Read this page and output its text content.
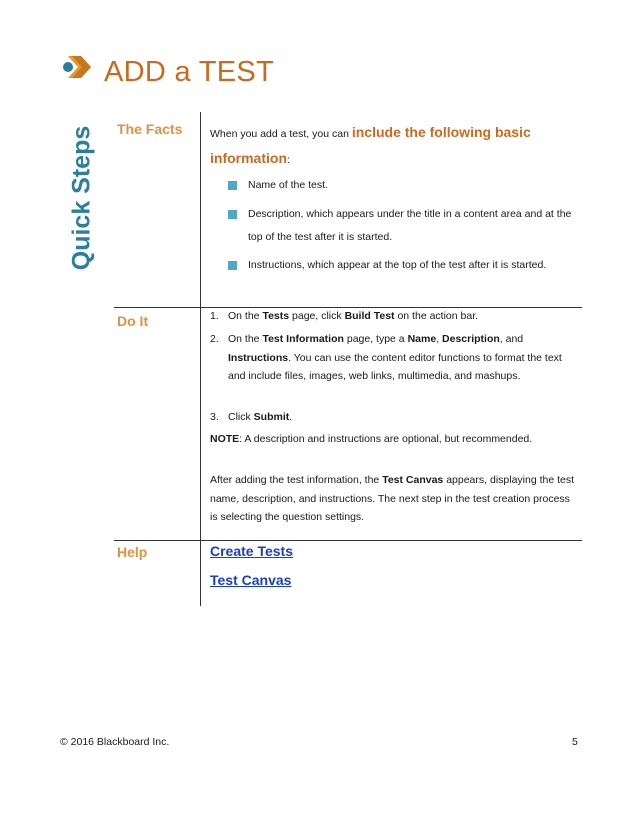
ADD a TEST
Quick Steps The Facts	When you add a test, you can include the following basic information:
Name of the test.
Description, which appears under the title in a content area and at the top of the test after it is started.
Instructions, which appear at the top of the test after it is started.
Do It	1. On the Tests page, click Build Test on the action bar.
2. On the Test Information page, type a Name, Description, and Instructions. You can use the content editor functions to format the text and include files, images, web links, multimedia, and mashups.
3. Click Submit.
NOTE: A description and instructions are optional, but recommended.
After adding the test information, the Test Canvas appears, displaying the test name, description, and instructions. The next step in the test creation process is selecting the question settings.
Help	Create Tests
Test Canvas
© 2016 Blackboard Inc.	5
